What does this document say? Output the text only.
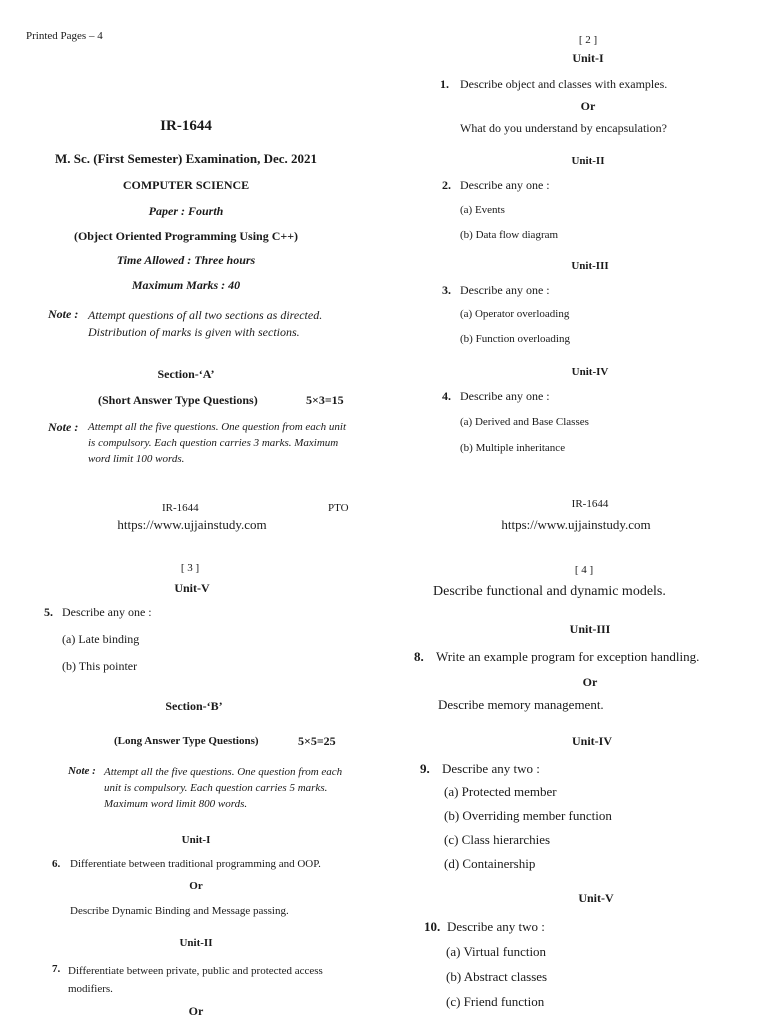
Printed Pages – 4
IR-1644
M. Sc. (First Semester) Examination, Dec. 2021
COMPUTER SCIENCE
Paper : Fourth
(Object Oriented Programming Using C++)
Time Allowed : Three hours
Maximum Marks : 40
Note : Attempt questions of all two sections as directed. Distribution of marks is given with sections.
Section-‘A’
(Short Answer Type Questions)	5×3=15
Note : Attempt all the five questions. One question from each unit is compulsory. Each question carries 3 marks. Maximum word limit 100 words.
IR-1644	PTO
https://www.ujjainstudy.com
[ 2 ]
Unit-I
1. Describe object and classes with examples.
Or
What do you understand by encapsulation?
Unit-II
2. Describe any one :
(a) Events
(b) Data flow diagram
Unit-III
3. Describe any one :
(a) Operator overloading
(b) Function overloading
Unit-IV
4. Describe any one :
(a) Derived and Base Classes
(b) Multiple inheritance
IR-1644
https://www.ujjainstudy.com
[ 3 ]
Unit-V
5. Describe any one :
(a) Late binding
(b) This pointer
Section-‘B’
(Long Answer Type Questions)	5×5=25
Note : Attempt all the five questions. One question from each unit is compulsory. Each question carries 5 marks. Maximum word limit 800 words.
Unit-I
6. Differentiate between traditional programming and OOP.
Or
Describe Dynamic Binding and Message passing.
Unit-II
7. Differentiate between private, public and protected access modifiers.
Or
[ 4 ]
Describe functional and dynamic models.
Unit-III
8. Write an example program for exception handling.
Or
Describe memory management.
Unit-IV
9. Describe any two :
(a) Protected member
(b) Overriding member function
(c) Class hierarchies
(d) Containership
Unit-V
10. Describe any two :
(a) Virtual function
(b) Abstract classes
(c) Friend function
